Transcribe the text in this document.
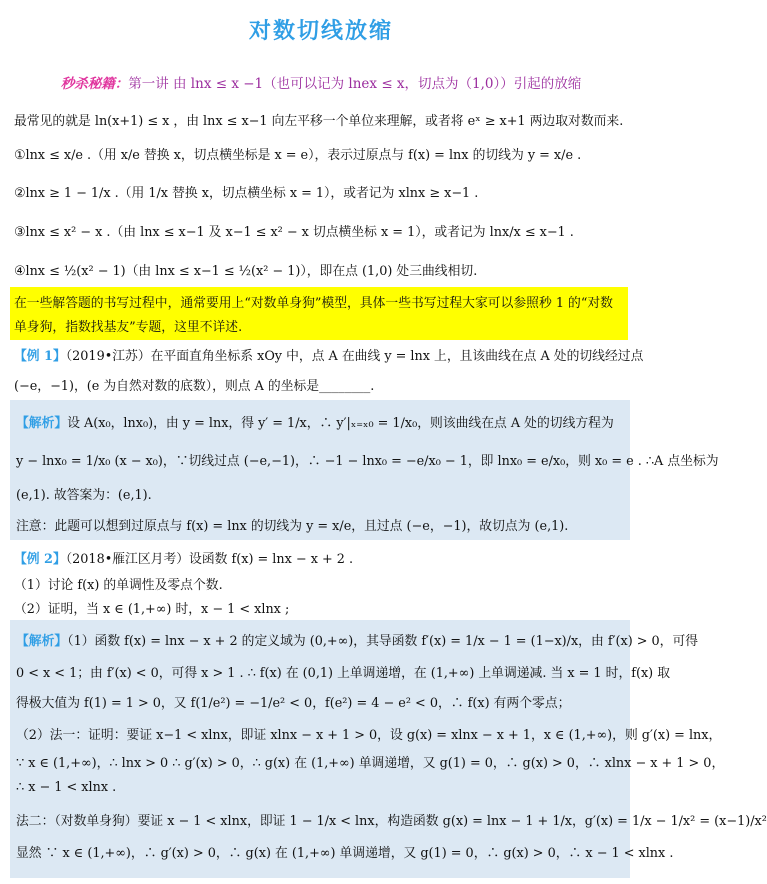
对数切线放缩
秒杀秘籍：第一讲 由 lnx ≤ x −1（也可以记为 lnex ≤ x，切点为（1,0））引起的放缩
最常见的就是 ln(x+1) ≤ x ，由 lnx ≤ x−1 向左平移一个单位来理解，或者将 eˣ ≥ x+1 两边取对数而来.
①lnx ≤ x/e .（用 x/e 替换 x，切点横坐标是 x = e），表示过原点与 f(x) = lnx 的切线为 y = x/e .
②lnx ≥ 1 − 1/x .（用 1/x 替换 x，切点横坐标 x = 1），或者记为 xlnx ≥ x−1 .
③lnx ≤ x² − x .（由 lnx ≤ x−1 及 x−1 ≤ x² − x 切点横坐标 x = 1），或者记为 lnx/x ≤ x−1 .
④lnx ≤ ½(x² − 1)（由 lnx ≤ x−1 ≤ ½(x² − 1)），即在点 (1,0) 处三曲线相切.
在一些解答题的书写过程中，通常要用上“对数单身狗”模型，具体一些书写过程大家可以参照秒 1 的“对数
单身狗，指数找基友”专题，这里不详述.
【例 1】（2019•江苏）在平面直角坐标系 xOy 中，点 A 在曲线 y = lnx 上，且该曲线在点 A 处的切线经过点
(−e，−1)，(e 为自然对数的底数），则点 A 的坐标是________.
【解析】设 A(x₀，lnx₀)，由 y = lnx，得 y′ = 1/x，∴ y′|ₓ₌ₓ₀ = 1/x₀，则该曲线在点 A 处的切线方程为
y − lnx₀ = 1/x₀ (x − x₀)，∵切线过点 (−e,−1)，∴ −1 − lnx₀ = −e/x₀ − 1，即 lnx₀ = e/x₀，则 x₀ = e . ∴A 点坐标为
(e,1). 故答案为：(e,1).
注意：此题可以想到过原点与 f(x) = lnx 的切线为 y = x/e，且过点 (−e，−1)，故切点为 (e,1).
【例 2】（2018•雁江区月考）设函数 f(x) = lnx − x + 2 .
（1）讨论 f(x) 的单调性及零点个数.
（2）证明，当 x ∈ (1,+∞) 时，x − 1 < xlnx ;
【解析】（1）函数 f(x) = lnx − x + 2 的定义域为 (0,+∞)，其导函数 f′(x) = 1/x − 1 = (1−x)/x，由 f′(x) > 0，可得
0 < x < 1；由 f′(x) < 0，可得 x > 1 . ∴ f(x) 在 (0,1) 上单调递增，在 (1,+∞) 上单调递减. 当 x = 1 时，f(x) 取
得极大值为 f(1) = 1 > 0，又 f(1/e²) = −1/e² < 0，f(e²) = 4 − e² < 0，∴ f(x) 有两个零点；
（2）法一：证明：要证 x−1 < xlnx，即证 xlnx − x + 1 > 0，设 g(x) = xlnx − x + 1，x ∈ (1,+∞)，则 g′(x) = lnx，
∵ x ∈ (1,+∞)，∴ lnx > 0 ∴ g′(x) > 0，∴ g(x) 在 (1,+∞) 单调递增，又 g(1) = 0，∴ g(x) > 0，∴ xlnx − x + 1 > 0，
∴ x − 1 < xlnx .
法二：（对数单身狗）要证 x − 1 < xlnx，即证 1 − 1/x < lnx，构造函数 g(x) = lnx − 1 + 1/x，g′(x) = 1/x − 1/x² = (x−1)/x²
显然 ∵ x ∈ (1,+∞)，∴ g′(x) > 0，∴ g(x) 在 (1,+∞) 单调递增，又 g(1) = 0，∴ g(x) > 0，∴ x − 1 < xlnx .
